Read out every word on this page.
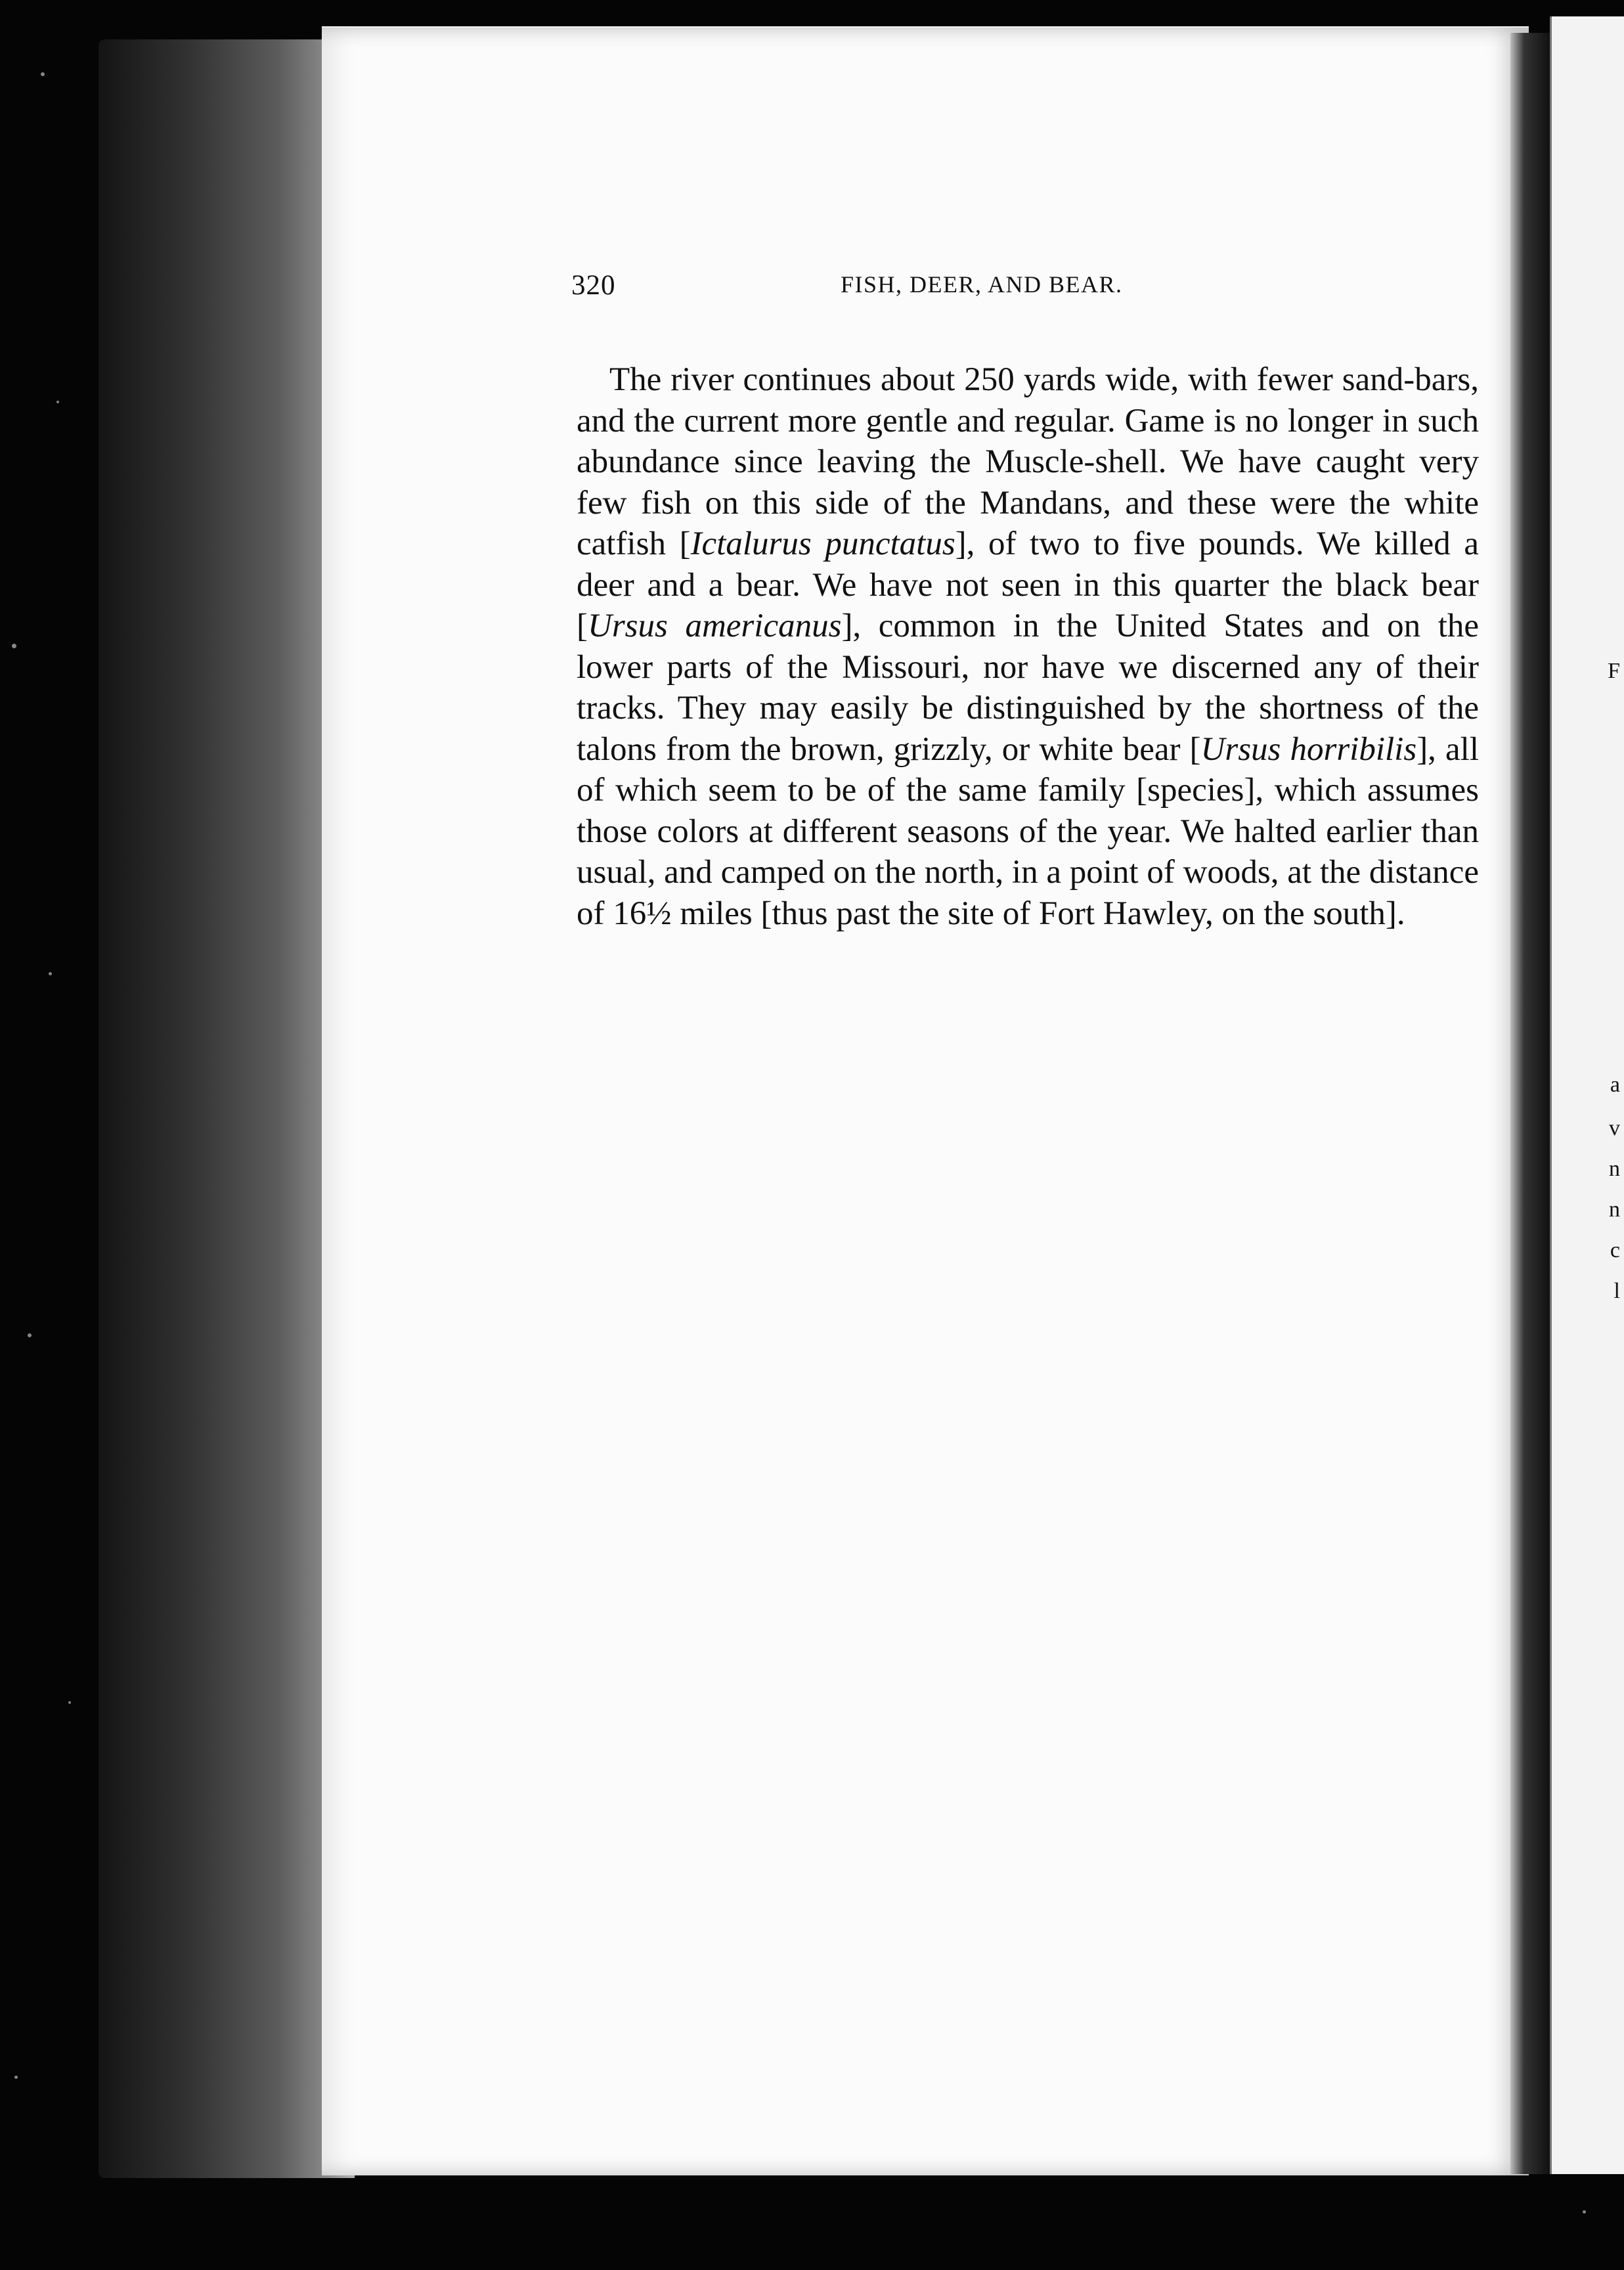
F
a
v
n
n
c
l
320	FISH, DEER, AND BEAR.

The river continues about 250 yards wide, with fewer sand-bars, and the current more gentle and regular. Game is no longer in such abundance since leaving the Muscle-shell. We have caught very few fish on this side of the Mandans, and these were the white catfish [Ictalurus punctatus], of two to five pounds. We killed a deer and a bear. We have not seen in this quarter the black bear [Ursus americanus], common in the United States and on the lower parts of the Missouri, nor have we discerned any of their tracks. They may easily be distinguished by the shortness of the talons from the brown, grizzly, or white bear [Ursus horribilis], all of which seem to be of the same family [species], which assumes those colors at different seasons of the year. We halted earlier than usual, and camped on the north, in a point of woods, at the distance of 16½ miles [thus past the site of Fort Hawley, on the south].
